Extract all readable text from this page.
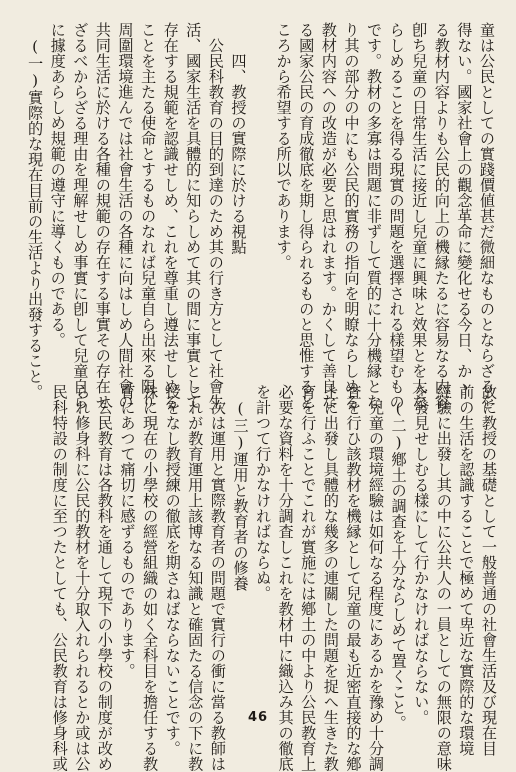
童は公民としての實踐價値甚だ微細なものとならざるを

得ない。國家社會上の觀念革命に變化せる今日、かゝ

る教材内容よりも公民的向上の機縁たるに容易なる内容

卽ち兒童の日常生活に接近し兒童に興味と效果とを大な

らしめることを得る現實の問題を選擇される樣望むもの

です。教材の多寡は問題に非ずして質的に十分機縁とな

り其の部分の中にも公民的實務の指向を明瞭ならしめる

教材内容への改造が必要と思はれます。かくして善良な

る國家公民の育成徹底を期し得られるものと思惟すると

ころから希望する所以であります。

　　四、教授の實際に於ける視點

　公民科教育の目的到達のため其の行き方として社會生

活、國家生活を具體的に知らしめて其の間に事實として

存在する規範を認識せしめ、これを尊重し遵法せしめる

ことを主たる使命とするものなれば兒童自ら出來る限り

周圍環境進んでは社會生活の各種に向はしめ人間社會の

共同生活に於ける各種の規範の存在する事實その存在せ

ざるべからざる理由を理解せしめ事實に卽して兒童自ら

に據度あらしめ規範の遵守に導くものである。

　(一)實際的な現在目前の生活より出發すること。

故に教授の基礎として一般普通の社會生活及び現在目

前の生活を認識することで極めて卑近な實際的な環境

經驗に出發し其の中に公共人の一員としての無限の意味

を發見せしむる樣にして行かなければならない。

　(二)鄕土の調査を十分ならしめて置くこと。

　兒童の環境經驗は如何なる程度にあるかを豫め十分調

査を行ひ該教材を機縁として兒童の最も近密直接的な鄕

土に出發し具體的な幾多の連關した問題を捉へ生きた教

育を行ふことでこれが實施には鄕土の中より公民教育上

必要な資料を十分調査しこれを教材中に織込み其の徹底

を計つて行かなければならぬ。

　(三)運用と教育者の修養

　次は運用と實際教育者の問題で實行の衝に當る教師は

これが教育運用上該博なる知識と確固たる信念の下に教

授をなし教授練の徹底を期さねばならないことです。

殊に現在の小學校の經營組織の如く全科目を擔任する教

育にあつて痛切に感ずるものであります。

　公民教育は各教科を通して現下の小學校の制度が改め

られ修身科に公民的教材を十分取入れられるとか或は公

民科特設の制度に至つたとしても、公民教育は修身科或	46
